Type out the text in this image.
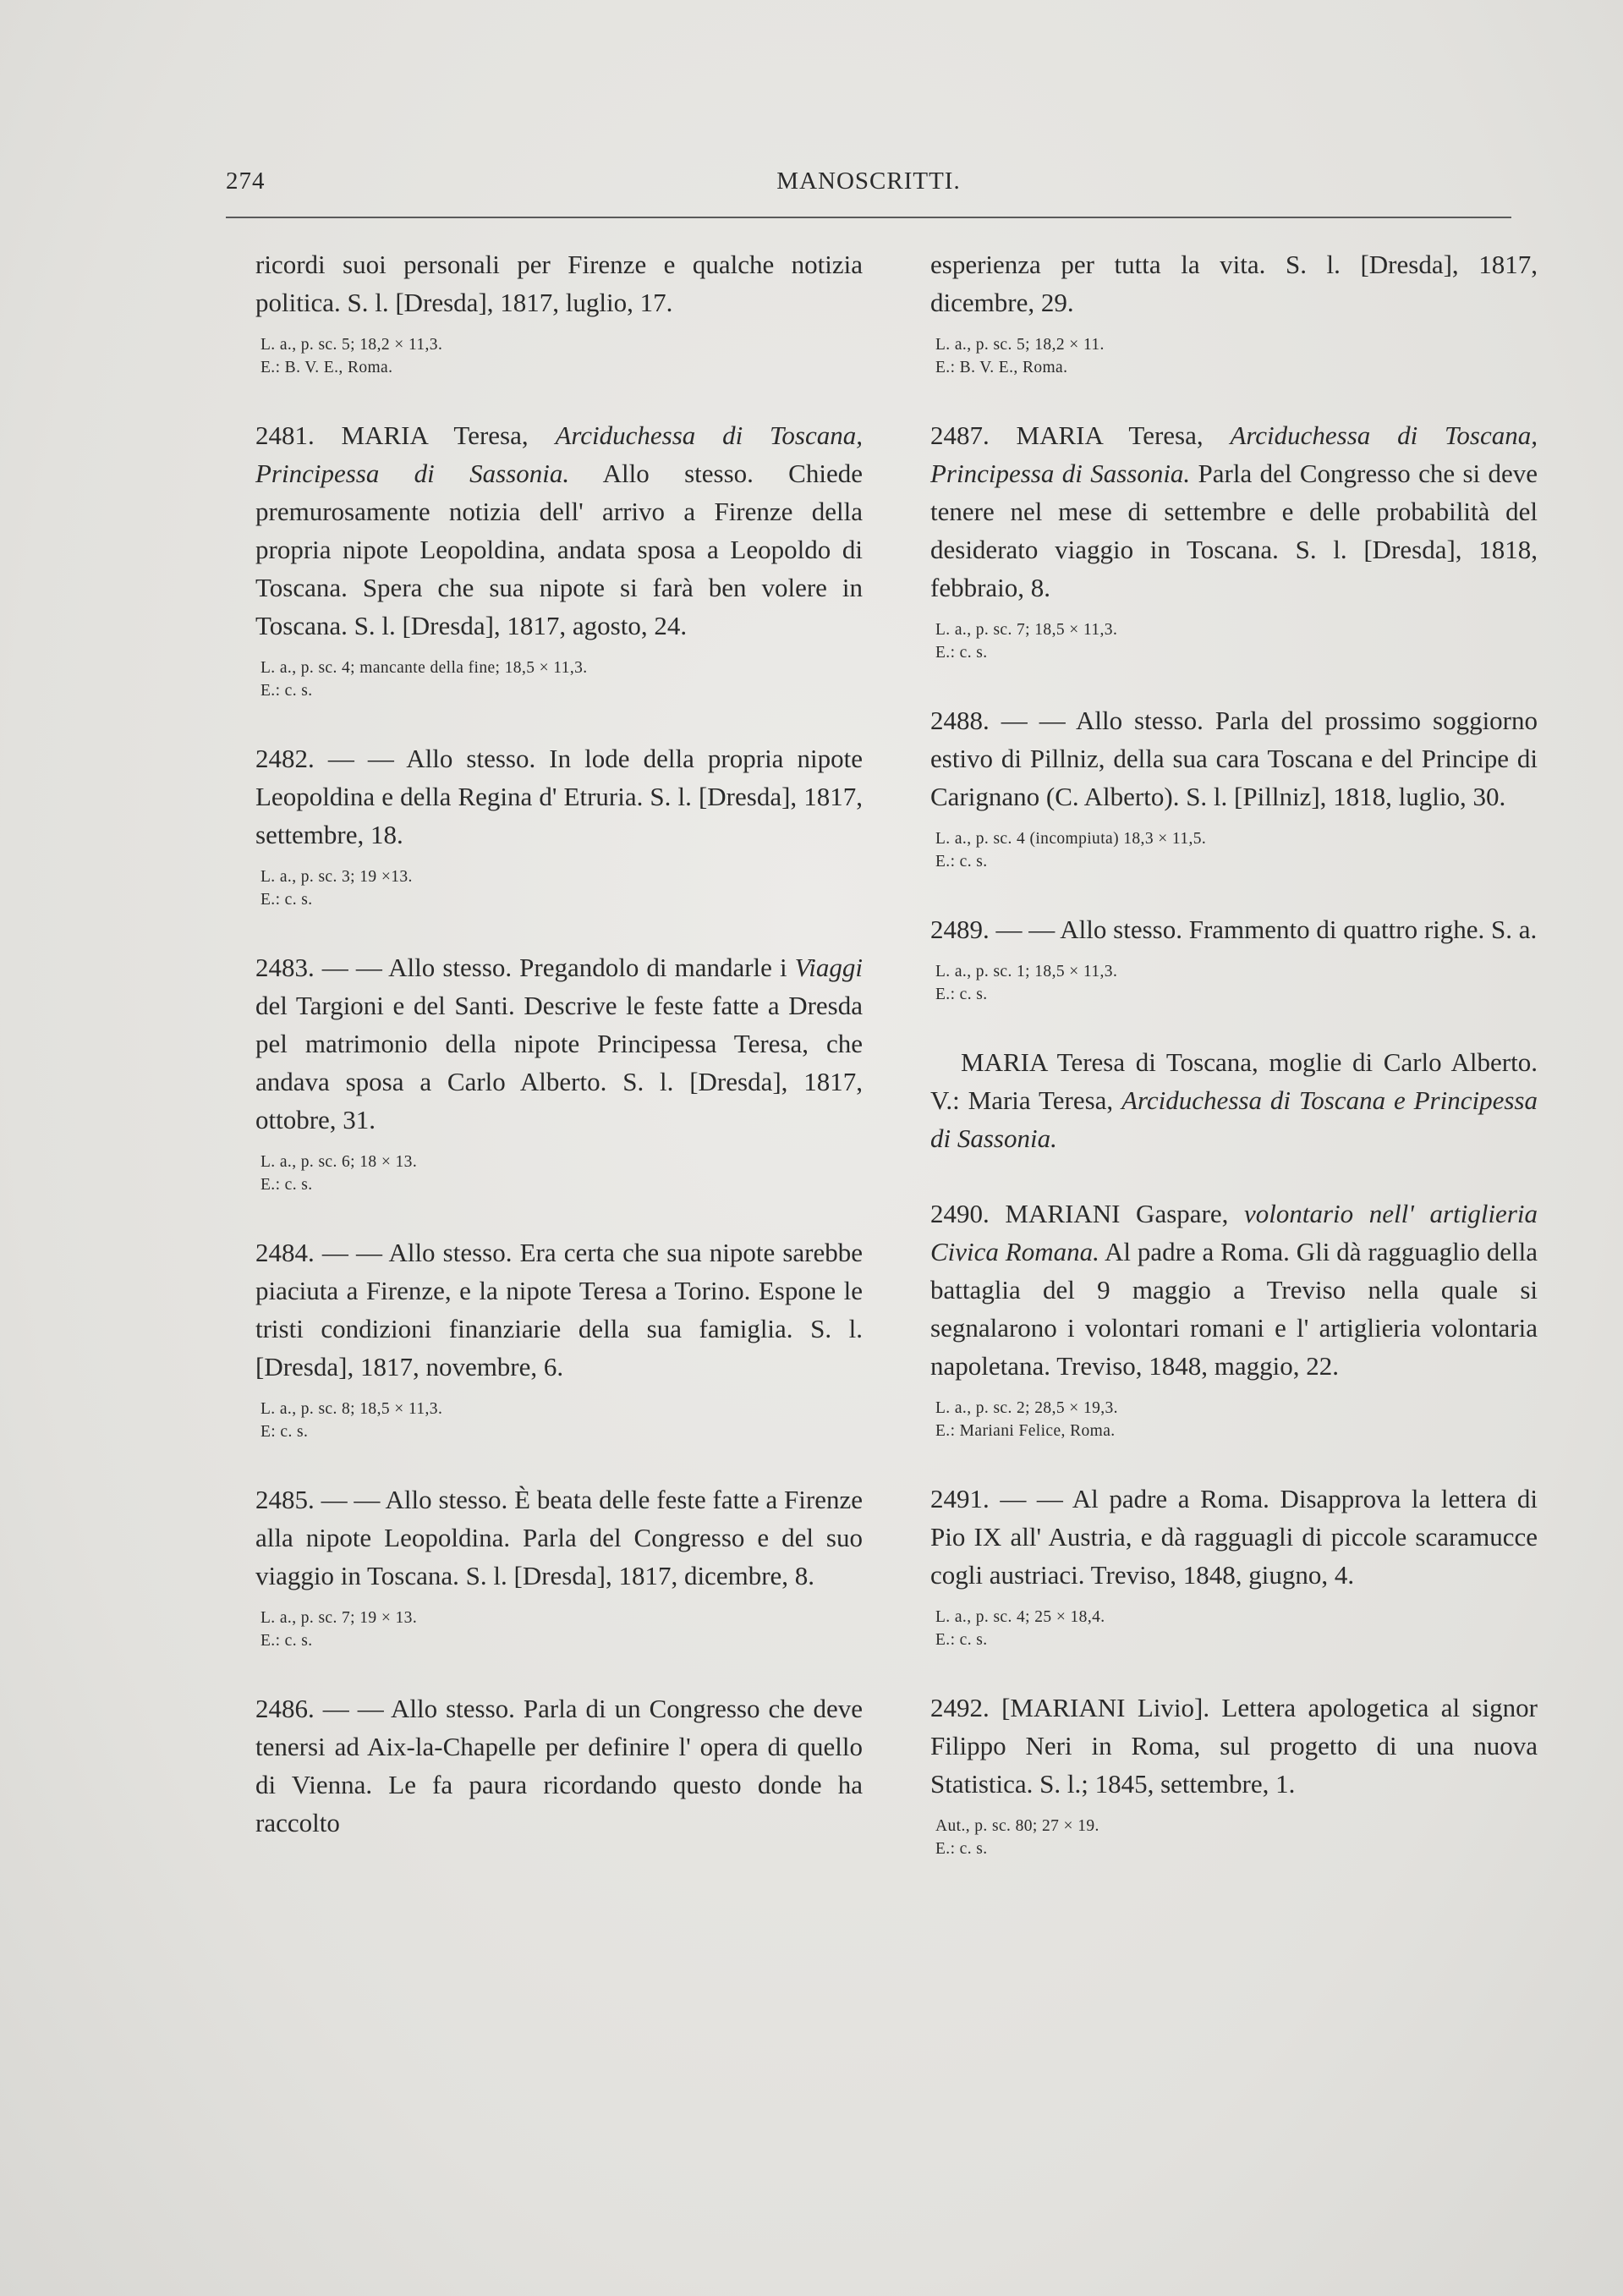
274	MANOSCRITTI.

ricordi suoi personali per Firenze e qualche notizia politica. S. l. [Dresda], 1817, luglio, 17.

L. a., p. sc. 5; 18,2 × 11,3.
E.: B. V. E., Roma.

2481. MARIA Teresa, Arciduchessa di Toscana, Principessa di Sassonia. Allo stesso. Chiede premurosamente notizia dell' arrivo a Firenze della propria nipote Leopoldina, andata sposa a Leopoldo di Toscana. Spera che sua nipote si farà ben volere in Toscana. S. l. [Dresda], 1817, agosto, 24.

L. a., p. sc. 4; mancante della fine; 18,5 × 11,3.
E.: c. s.

2482. — — Allo stesso. In lode della propria nipote Leopoldina e della Regina d' Etruria. S. l. [Dresda], 1817, settembre, 18.

L. a., p. sc. 3; 19 ×13.
E.: c. s.

2483. — — Allo stesso. Pregandolo di mandarle i Viaggi del Targioni e del Santi. Descrive le feste fatte a Dresda pel matrimonio della nipote Principessa Teresa, che andava sposa a Carlo Alberto. S. l. [Dresda], 1817, ottobre, 31.

L. a., p. sc. 6; 18 × 13.
E.: c. s.

2484. — — Allo stesso. Era certa che sua nipote sarebbe piaciuta a Firenze, e la nipote Teresa a Torino. Espone le tristi condizioni finanziarie della sua famiglia. S. l. [Dresda], 1817, novembre, 6.

L. a., p. sc. 8; 18,5 × 11,3.
E: c. s.

2485. — — Allo stesso. È beata delle feste fatte a Firenze alla nipote Leopoldina. Parla del Congresso e del suo viaggio in Toscana. S. l. [Dresda], 1817, dicembre, 8.

L. a., p. sc. 7; 19 × 13.
E.: c. s.

2486. — — Allo stesso. Parla di un Congresso che deve tenersi ad Aix-la-Chapelle per definire l' opera di quello di Vienna. Le fa paura ricordando questo donde ha raccolto

esperienza per tutta la vita. S. l. [Dresda], 1817, dicembre, 29.

L. a., p. sc. 5; 18,2 × 11.
E.: B. V. E., Roma.

2487. MARIA Teresa, Arciduchessa di Toscana, Principessa di Sassonia. Parla del Congresso che si deve tenere nel mese di settembre e delle probabilità del desiderato viaggio in Toscana. S. l. [Dresda], 1818, febbraio, 8.

L. a., p. sc. 7; 18,5 × 11,3.
E.: c. s.

2488. — — Allo stesso. Parla del prossimo soggiorno estivo di Pillniz, della sua cara Toscana e del Principe di Carignano (C. Alberto). S. l. [Pillniz], 1818, luglio, 30.

L. a., p. sc. 4 (incompiuta) 18,3 × 11,5.
E.: c. s.

2489. — — Allo stesso. Frammento di quattro righe. S. a.

L. a., p. sc. 1; 18,5 × 11,3.
E.: c. s.

MARIA Teresa di Toscana, moglie di Carlo Alberto. V.: Maria Teresa, Arciduchessa di Toscana e Principessa di Sassonia.

2490. MARIANI Gaspare, volontario nell' artiglieria Civica Romana. Al padre a Roma. Gli dà ragguaglio della battaglia del 9 maggio a Treviso nella quale si segnalarono i volontari romani e l' artiglieria volontaria napoletana. Treviso, 1848, maggio, 22.

L. a., p. sc. 2; 28,5 × 19,3.
E.: Mariani Felice, Roma.

2491. — — Al padre a Roma. Disapprova la lettera di Pio IX all' Austria, e dà ragguagli di piccole scaramucce cogli austriaci. Treviso, 1848, giugno, 4.

L. a., p. sc. 4; 25 × 18,4.
E.: c. s.

2492. [MARIANI Livio]. Lettera apologetica al signor Filippo Neri in Roma, sul progetto di una nuova Statistica. S. l.; 1845, settembre, 1.

Aut., p. sc. 80; 27 × 19.
E.: c. s.
